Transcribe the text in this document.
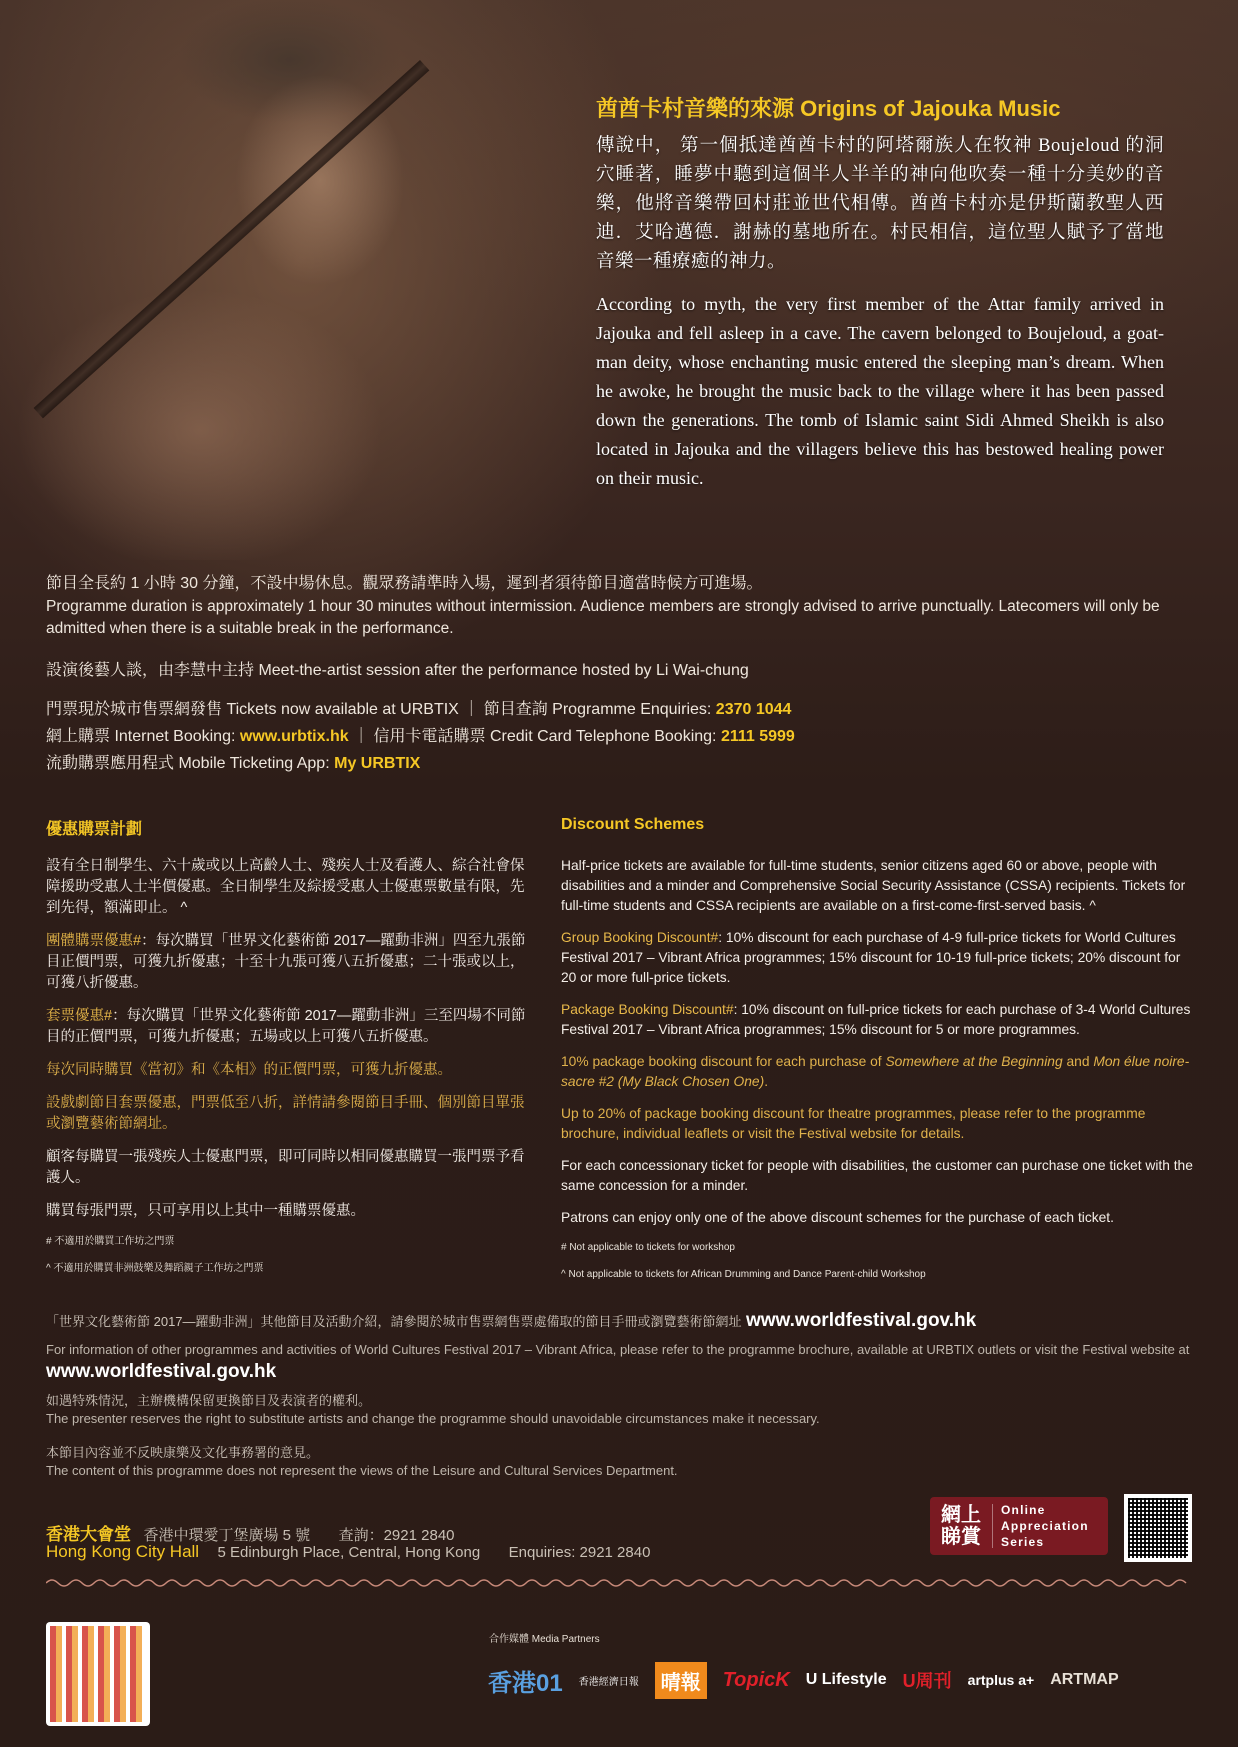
酋酋卡村音樂的來源 Origins of Jajouka Music
傳說中， 第一個抵達酋酋卡村的阿塔爾族人在牧神 Boujeloud 的洞穴睡著，睡夢中聽到這個半人半羊的神向他吹奏一種十分美妙的音樂，他將音樂帶回村莊並世代相傳。酋酋卡村亦是伊斯蘭教聖人西迪．艾哈邁德．謝赫的墓地所在。村民相信，這位聖人賦予了當地音樂一種療癒的神力。
According to myth, the very first member of the Attar family arrived in Jajouka and fell asleep in a cave. The cavern belonged to Boujeloud, a goat-man deity, whose enchanting music entered the sleeping man’s dream. When he awoke, he brought the music back to the village where it has been passed down the generations. The tomb of Islamic saint Sidi Ahmed Sheikh is also located in Jajouka and the villagers believe this has bestowed healing power on their music.
節目全長約 1 小時 30 分鐘，不設中場休息。觀眾務請準時入場，遲到者須待節目適當時候方可進場。
Programme duration is approximately 1 hour 30 minutes without intermission. Audience members are strongly advised to arrive punctually. Latecomers will only be admitted when there is a suitable break in the performance.
設演後藝人談，由李慧中主持 Meet-the-artist session after the performance hosted by Li Wai-chung
門票現於城市售票網發售 Tickets now available at URBTIX ｜ 節目查詢 Programme Enquiries: 2370 1044
網上購票 Internet Booking: www.urbtix.hk ｜ 信用卡電話購票 Credit Card Telephone Booking: 2111 5999
流動購票應用程式 Mobile Ticketing App: My URBTIX
優惠購票計劃	Discount Schemes

設有全日制學生、六十歲或以上高齡人士、殘疾人士及看護人、綜合社會保障援助受惠人士半價優惠。全日制學生及綜援受惠人士優惠票數量有限，先到先得，額滿即止。 ^

團體購票優惠#：每次購買「世界文化藝術節 2017—躍動非洲」四至九張節目正價門票，可獲九折優惠；十至十九張可獲八五折優惠；二十張或以上，可獲八折優惠。

套票優惠#：每次購買「世界文化藝術節 2017—躍動非洲」三至四場不同節目的正價門票，可獲九折優惠；五場或以上可獲八五折優惠。

每次同時購買《當初》和《本相》的正價門票，可獲九折優惠。

設戲劇節目套票優惠，門票低至八折，詳情請參閱節目手冊、個別節目單張或瀏覽藝術節網址。

顧客每購買一張殘疾人士優惠門票，即可同時以相同優惠購買一張門票予看護人。

購買每張門票，只可享用以上其中一種購票優惠。

# 不適用於購買工作坊之門票

^ 不適用於購買非洲鼓樂及舞蹈親子工作坊之門票

Half-price tickets are available for full-time students, senior citizens aged 60 or above, people with disabilities and a minder and Comprehensive Social Security Assistance (CSSA) recipients. Tickets for full-time students and CSSA recipients are available on a first-come-first-served basis. ^

Group Booking Discount#: 10% discount for each purchase of 4-9 full-price tickets for World Cultures Festival 2017 – Vibrant Africa programmes; 15% discount for 10-19 full-price tickets; 20% discount for 20 or more full-price tickets.

Package Booking Discount#: 10% discount on full-price tickets for each purchase of 3-4 World Cultures Festival 2017 – Vibrant Africa programmes; 15% discount for 5 or more programmes.

10% package booking discount for each purchase of Somewhere at the Beginning and Mon élue noire-sacre #2 (My Black Chosen One).

Up to 20% of package booking discount for theatre programmes, please refer to the programme brochure, individual leaflets or visit the Festival website for details.

For each concessionary ticket for people with disabilities, the customer can purchase one ticket with the same concession for a minder.

Patrons can enjoy only one of the above discount schemes for the purchase of each ticket.

# Not applicable to tickets for workshop

^ Not applicable to tickets for African Drumming and Dance Parent-child Workshop

「世界文化藝術節 2017—躍動非洲」其他節目及活動介紹，請參閱於城市售票網售票處備取的節目手冊或瀏覽藝術節網址 www.worldfestival.gov.hk
For information of other programmes and activities of World Cultures Festival 2017 – Vibrant Africa, please refer to the programme brochure, available at URBTIX outlets or visit the Festival website at www.worldfestival.gov.hk
如遇特殊情況，主辦機構保留更換節目及表演者的權利。
The presenter reserves the right to substitute artists and change the programme should unavoidable circumstances make it necessary.
本節目內容並不反映康樂及文化事務署的意見。
The content of this programme does not represent the views of the Leisure and Cultural Services Department.
香港大會堂 香港中環愛丁堡廣場 5 號 查詢：2921 2840
Hong Kong City Hall 5 Edinburgh Place, Central, Hong Kong Enquiries: 2921 2840
網上
睇賞
Online
Appreciation
Series
合作媒體 Media Partners
香港01 香港經濟日報	晴報	TopicK U Lifestyle U周刊 artplus a+ ARTMAP
